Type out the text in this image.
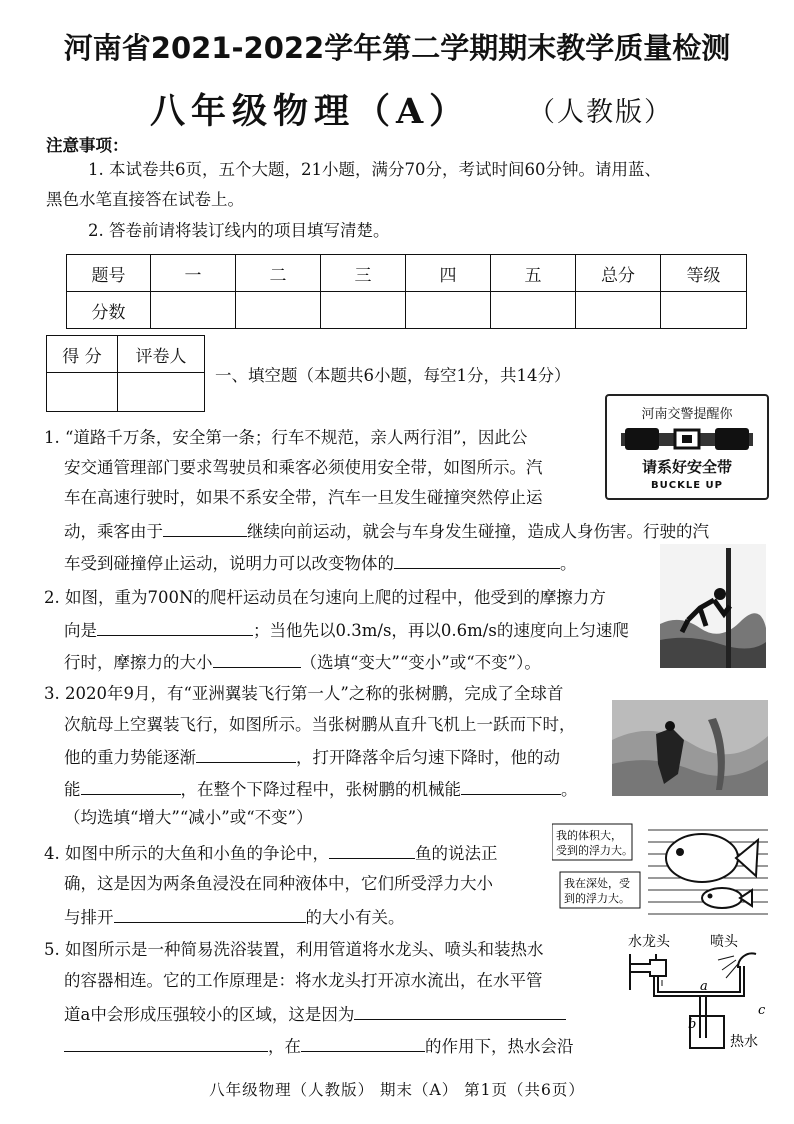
河南省2021-2022学年第二学期期末教学质量检测
八年级物理（A） （人教版）
注意事项：
1. 本试卷共6页，五个大题，21小题，满分70分，考试时间60分钟。请用蓝、
黑色水笔直接答在试卷上。
2. 答卷前请将装订线内的项目填写清楚。
题号	一	二	三	四	五	总分	等级
分数							
得 分	评卷人

一、填空题（本题共6小题，每空1分，共14分）
1. “道路千万条，安全第一条；行车不规范，亲人两行泪”，因此公
安交通管理部门要求驾驶员和乘客必须使用安全带，如图所示。汽
车在高速行驶时，如果不系安全带，汽车一旦发生碰撞突然停止运
动，乘客由于	继续向前运动，就会与车身发生碰撞，造成人身伤害。行驶的汽
车受到碰撞停止运动，说明力可以改变物体的	。
河南交警提醒你
请系好安全带
BUCKLE UP
2. 如图，重为700N的爬杆运动员在匀速向上爬的过程中，他受到的摩擦力方
向是	；当他先以0.3m/s，再以0.6m/s的速度向上匀速爬
行时，摩擦力的大小	（选填“变大”“变小”或“不变”）。
3. 2020年9月，有“亚洲翼装飞行第一人”之称的张树鹏，完成了全球首
次航母上空翼装飞行，如图所示。当张树鹏从直升飞机上一跃而下时，
他的重力势能逐渐	，打开降落伞后匀速下降时，他的动
能	，在整个下降过程中，张树鹏的机械能	。
（均选填“增大”“减小”或“不变”）
4. 如图中所示的大鱼和小鱼的争论中，	鱼的说法正
确，这是因为两条鱼浸没在同种液体中，它们所受浮力大小
与排开	的大小有关。
我的体积大，
受到的浮力大。
我在深处，受
到的浮力大。
5. 如图所示是一种简易洗浴装置，利用管道将水龙头、喷头和装热水
的容器相连。它的工作原理是：将水龙头打开凉水流出，在水平管
道a中会形成压强较小的区域，这是因为
，在	的作用下，热水会沿
水龙头	喷头
a
b
c
热水
八年级物理（人教版） 期末（A） 第1页（共6页）
